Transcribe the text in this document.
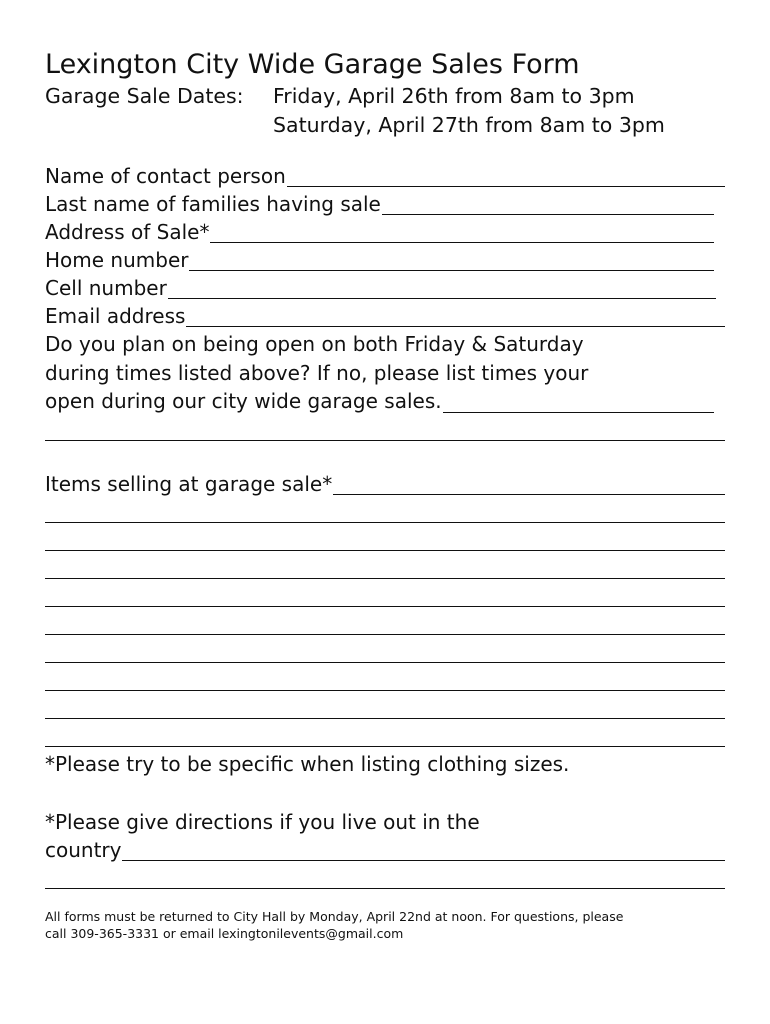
Lexington City Wide Garage Sales Form
Garage Sale Dates:	Friday, April 26th from 8am to 3pm
Saturday, April 27th from 8am to 3pm
Name of contact person
Last name of families having sale
Address of Sale*
Home number
Cell number
Email address
Do you plan on being open on both Friday & Saturday
during times listed above? If no, please list times your
open during our city wide garage sales.
Items selling at garage sale*
*Please try to be specific when listing clothing sizes.
*Please give directions if you live out in the
country
All forms must be returned to City Hall by Monday, April 22nd at noon. For questions, please
call 309-365-3331 or email lexingtonilevents@gmail.com
